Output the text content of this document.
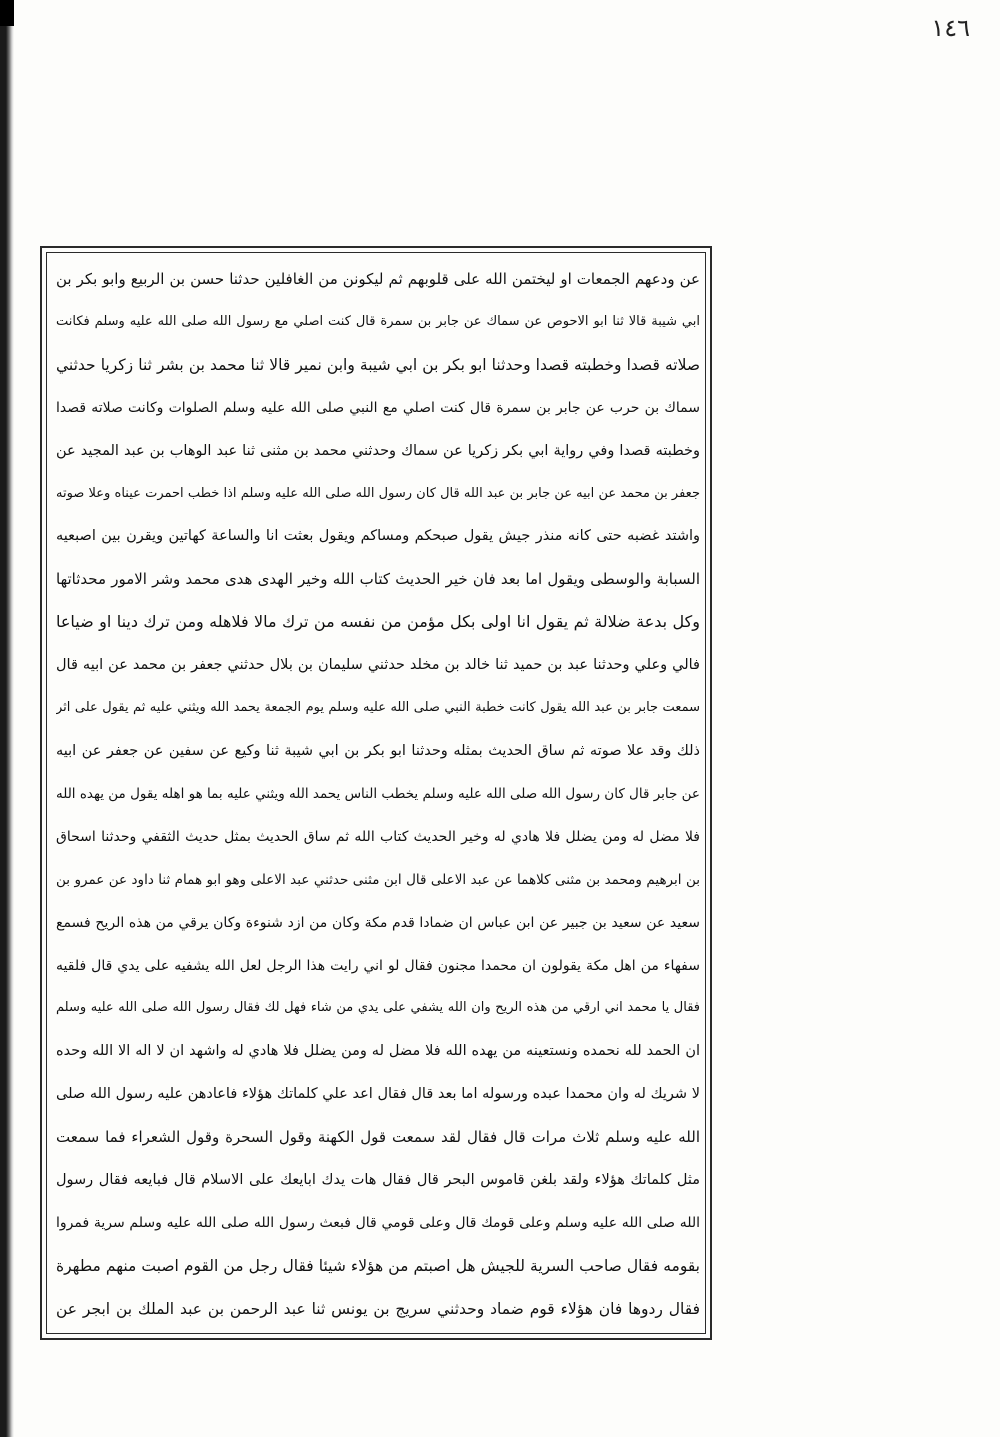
١٤٦
عن ودعهم الجمعات او ليختمن الله على قلوبهم ثم ليكونن من الغافلين حدثنا حسن بن الربيع وابو بكر بن
ابي شيبة قالا ثنا ابو الاحوص عن سماك عن جابر بن سمرة قال كنت اصلي مع رسول الله صلى الله عليه وسلم فكانت
صلاته قصدا وخطبته قصدا وحدثنا ابو بكر بن ابي شيبة وابن نمير قالا ثنا محمد بن بشر ثنا زكريا حدثني
سماك بن حرب عن جابر بن سمرة قال كنت اصلي مع النبي صلى الله عليه وسلم الصلوات وكانت صلاته قصدا
وخطبته قصدا وفي رواية ابي بكر زكريا عن سماك وحدثني محمد بن مثنى ثنا عبد الوهاب بن عبد المجيد عن
جعفر بن محمد عن ابيه عن جابر بن عبد الله قال كان رسول الله صلى الله عليه وسلم اذا خطب احمرت عيناه وعلا صوته
واشتد غضبه حتى كانه منذر جيش يقول صبحكم ومساكم ويقول بعثت انا والساعة كهاتين ويقرن بين اصبعيه
السبابة والوسطى ويقول اما بعد فان خير الحديث كتاب الله وخير الهدى هدى محمد وشر الامور محدثاتها
وكل بدعة ضلالة ثم يقول انا اولى بكل مؤمن من نفسه من ترك مالا فلاهله ومن ترك دينا او ضياعا
فالي وعلي وحدثنا عبد بن حميد ثنا خالد بن مخلد حدثني سليمان بن بلال حدثني جعفر بن محمد عن ابيه قال
سمعت جابر بن عبد الله يقول كانت خطبة النبي صلى الله عليه وسلم يوم الجمعة يحمد الله ويثني عليه ثم يقول على اثر
ذلك وقد علا صوته ثم ساق الحديث بمثله وحدثنا ابو بكر بن ابي شيبة ثنا وكيع عن سفين عن جعفر عن ابيه
عن جابر قال كان رسول الله صلى الله عليه وسلم يخطب الناس يحمد الله ويثني عليه بما هو اهله يقول من يهده الله
فلا مضل له ومن يضلل فلا هادي له وخير الحديث كتاب الله ثم ساق الحديث بمثل حديث الثقفي وحدثنا اسحاق
بن ابرهيم ومحمد بن مثنى كلاهما عن عبد الاعلى قال ابن مثنى حدثني عبد الاعلى وهو ابو همام ثنا داود عن عمرو بن
سعيد عن سعيد بن جبير عن ابن عباس ان ضمادا قدم مكة وكان من ازد شنوءة وكان يرقي من هذه الريح فسمع
سفهاء من اهل مكة يقولون ان محمدا مجنون فقال لو اني رايت هذا الرجل لعل الله يشفيه على يدي قال فلقيه
فقال يا محمد اني ارقي من هذه الريح وان الله يشفي على يدي من شاء فهل لك فقال رسول الله صلى الله عليه وسلم
ان الحمد لله نحمده ونستعينه من يهده الله فلا مضل له ومن يضلل فلا هادي له واشهد ان لا اله الا الله وحده
لا شريك له وان محمدا عبده ورسوله اما بعد قال فقال اعد علي كلماتك هؤلاء فاعادهن عليه رسول الله صلى
الله عليه وسلم ثلاث مرات قال فقال لقد سمعت قول الكهنة وقول السحرة وقول الشعراء فما سمعت
مثل كلماتك هؤلاء ولقد بلغن قاموس البحر قال فقال هات يدك ابايعك على الاسلام قال فبايعه فقال رسول
الله صلى الله عليه وسلم وعلى قومك قال وعلى قومي قال فبعث رسول الله صلى الله عليه وسلم سرية فمروا
بقومه فقال صاحب السرية للجيش هل اصبتم من هؤلاء شيئا فقال رجل من القوم اصبت منهم مطهرة
فقال ردوها فان هؤلاء قوم ضماد وحدثني سريج بن يونس ثنا عبد الرحمن بن عبد الملك بن ابجر عن
